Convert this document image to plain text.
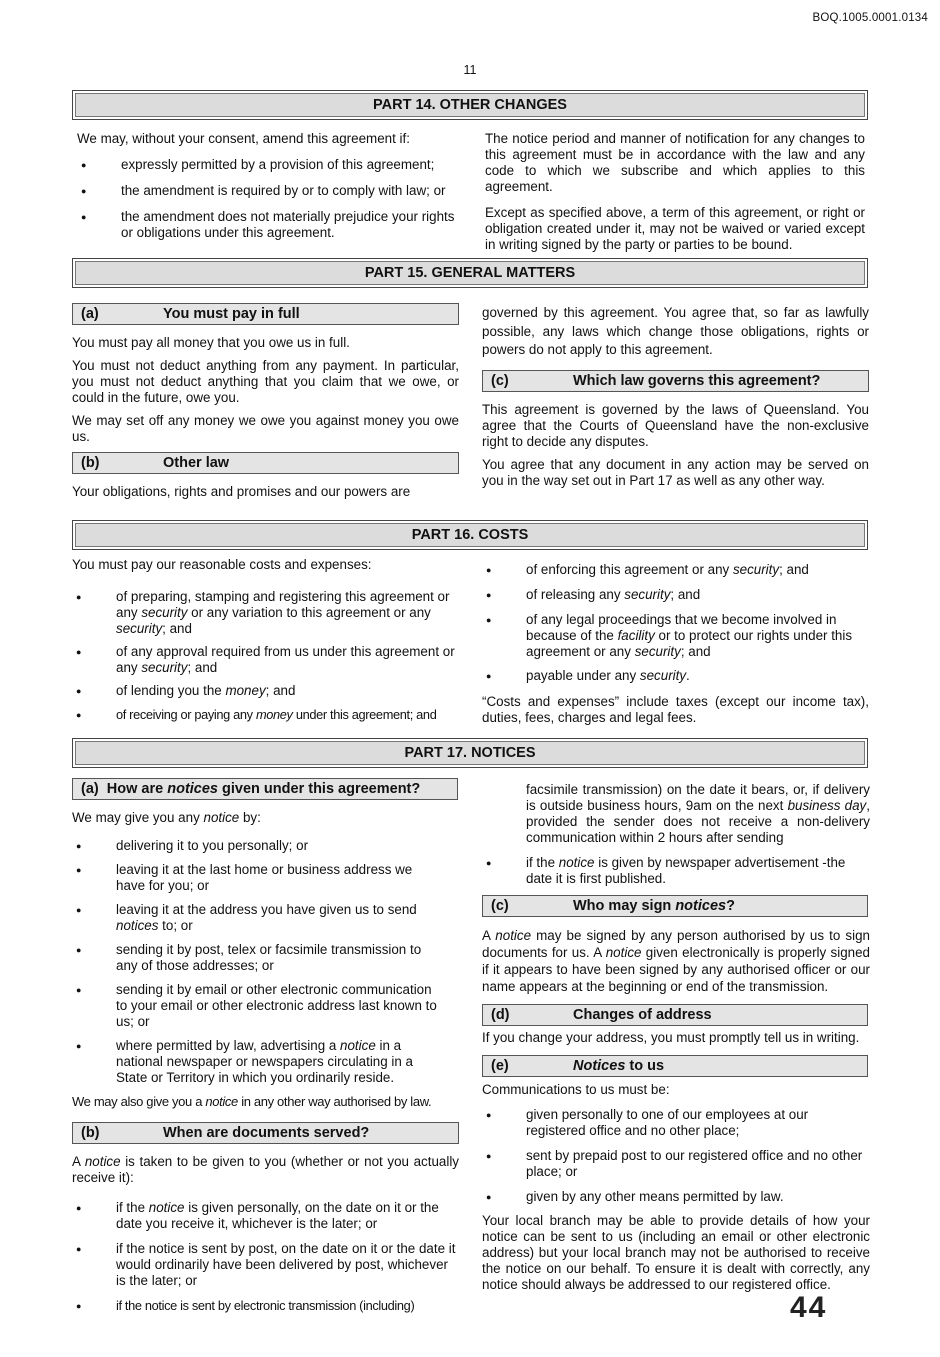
BOQ.1005.0001.0134
11
PART 14. OTHER CHANGES

We may, without your consent, amend this agreement if:

● expressly permitted by a provision of this agreement;
● the amendment is required by or to comply with law; or
● the amendment does not materially prejudice your rights or obligations under this agreement.

The notice period and manner of notification for any changes to this agreement must be in accordance with the law and any code to which we subscribe and which applies to this agreement.

Except as specified above, a term of this agreement, or right or obligation created under it, may not be waived or varied except in writing signed by the party or parties to be bound.

PART 15. GENERAL MATTERS
(a)	You must pay in full

You must pay all money that you owe us in full.

You must not deduct anything from any payment. In particular, you must not deduct anything that you claim that we owe, or could in the future, owe you.

We may set off any money we owe you against money you owe us.

(b)	Other law

Your obligations, rights and promises and our powers are

governed by this agreement. You agree that, so far as lawfully possible, any laws which change those obligations, rights or powers do not apply to this agreement.

(c)	Which law governs this agreement?

This agreement is governed by the laws of Queensland. You agree that the Courts of Queensland have the non-exclusive right to decide any disputes.

You agree that any document in any action may be served on you in the way set out in Part 17 as well as any other way.

PART 16. COSTS

You must pay our reasonable costs and expenses:

● of preparing, stamping and registering this agreement or any security or any variation to this agreement or any security; and
● of any approval required from us under this agreement or any security; and
● of lending you the money; and
● of receiving or paying any money under this agreement; and
● of enforcing this agreement or any security; and
● of releasing any security; and
● of any legal proceedings that we become involved in because of the facility or to protect our rights under this agreement or any security; and
● payable under any security.

“Costs and expenses” include taxes (except our income tax), duties, fees, charges and legal fees.

PART 17. NOTICES
(a) How are notices given under this agreement?

We may give you any notice by:

● delivering it to you personally; or
● leaving it at the last home or business address we have for you; or
● leaving it at the address you have given us to send notices to; or
● sending it by post, telex or facsimile transmission to any of those addresses; or
● sending it by email or other electronic communication to your email or other electronic address last known to us; or
● where permitted by law, advertising a notice in a national newspaper or newspapers circulating in a State or Territory in which you ordinarily reside.

We may also give you a notice in any other way authorised by law.

(b)	When are documents served?

A notice is taken to be given to you (whether or not you actually receive it):

● if the notice is given personally, on the date on it or the date you receive it, whichever is the later; or
● if the notice is sent by post, on the date on it or the date it would ordinarily have been delivered by post, whichever is the later; or
● if the notice is sent by electronic transmission (including)

facsimile transmission) on the date it bears, or, if delivery is outside business hours, 9am on the next business day, provided the sender does not receive a non-delivery communication within 2 hours after sending

● if the notice is given by newspaper advertisement -the date it is first published.
(c)	Who may sign notices?

A notice may be signed by any person authorised by us to sign documents for us. A notice given electronically is properly signed if it appears to have been signed by any authorised officer or our name appears at the beginning or end of the transmission.

(d)	Changes of address

If you change your address, you must promptly tell us in writing.

(e)	Notices to us

Communications to us must be:

● given personally to one of our employees at our registered office and no other place;
● sent by prepaid post to our registered office and no other place; or
● given by any other means permitted by law.

Your local branch may be able to provide details of how your notice can be sent to us (including an email or other electronic address) but your local branch may not be authorised to receive the notice on our behalf. To ensure it is dealt with correctly, any notice should always be addressed to our registered office.

44
